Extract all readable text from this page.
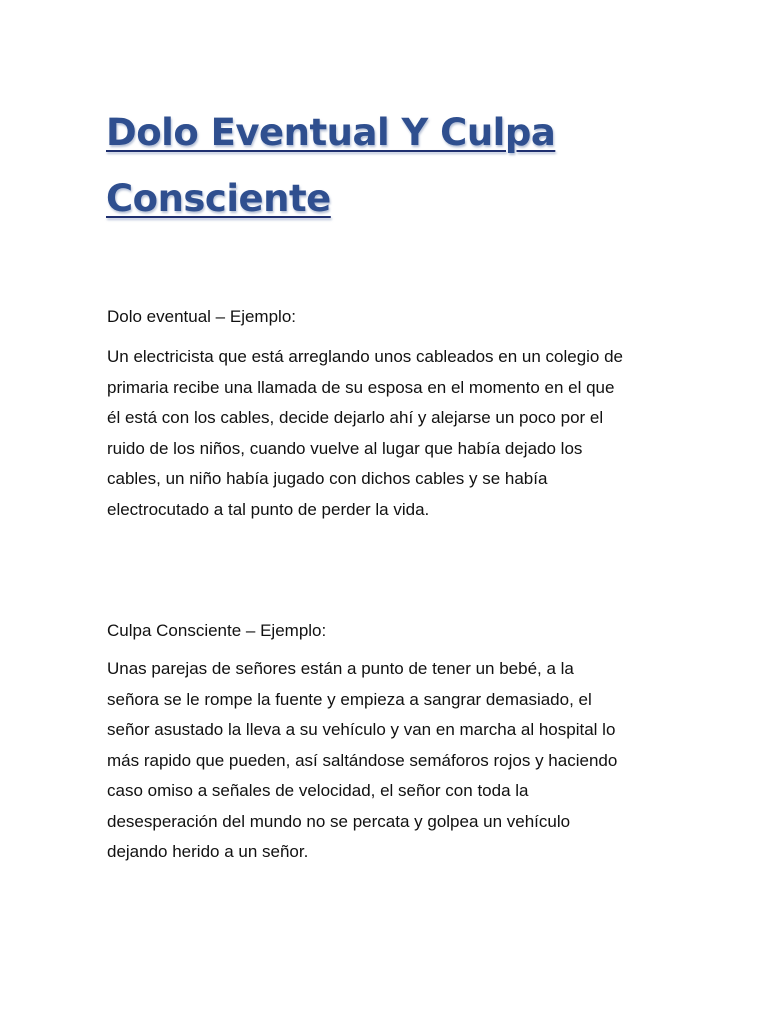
Dolo Eventual Y Culpa
Consciente

Dolo eventual – Ejemplo:

Un electricista que está arreglando unos cableados en un colegio de
primaria recibe una llamada de su esposa en el momento en el que
él está con los cables, decide dejarlo ahí y alejarse un poco por el
ruido de los niños, cuando vuelve al lugar que había dejado los
cables, un niño había jugado con dichos cables y se había
electrocutado a tal punto de perder la vida.

Culpa Consciente – Ejemplo:

Unas parejas de señores están a punto de tener un bebé, a la
señora se le rompe la fuente y empieza a sangrar demasiado, el
señor asustado la lleva a su vehículo y van en marcha al hospital lo
más rapido que pueden, así saltándose semáforos rojos y haciendo
caso omiso a señales de velocidad, el señor con toda la
desesperación del mundo no se percata y golpea un vehículo
dejando herido a un señor.
